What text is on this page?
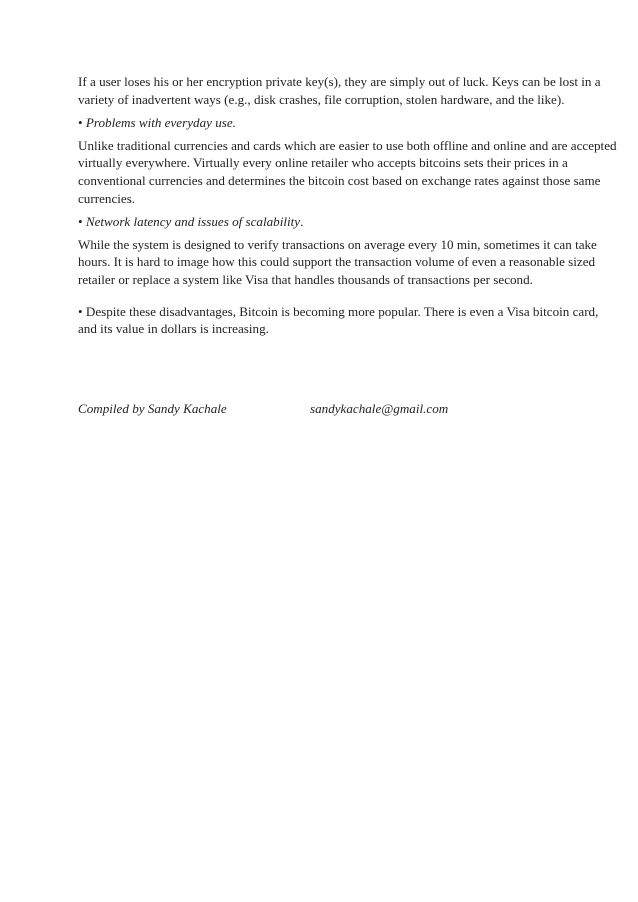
If a user loses his or her encryption private key(s), they are simply out of luck. Keys can be lost in a variety of inadvertent ways (e.g., disk crashes, file corruption, stolen hardware, and the like).

• Problems with everyday use.

Unlike traditional currencies and cards which are easier to use both offline and online and are accepted virtually everywhere. Virtually every online retailer who accepts bitcoins sets their prices in a conventional currencies and determines the bitcoin cost based on exchange rates against those same currencies.

• Network latency and issues of scalability.

While the system is designed to verify transactions on average every 10 min, sometimes it can take hours. It is hard to image how this could support the transaction volume of even a reasonable sized retailer or replace a system like Visa that handles thousands of transactions per second.

• Despite these disadvantages, Bitcoin is becoming more popular. There is even a Visa bitcoin card, and its value in dollars is increasing.

Compiled by Sandy Kachale	sandykachale@gmail.com
